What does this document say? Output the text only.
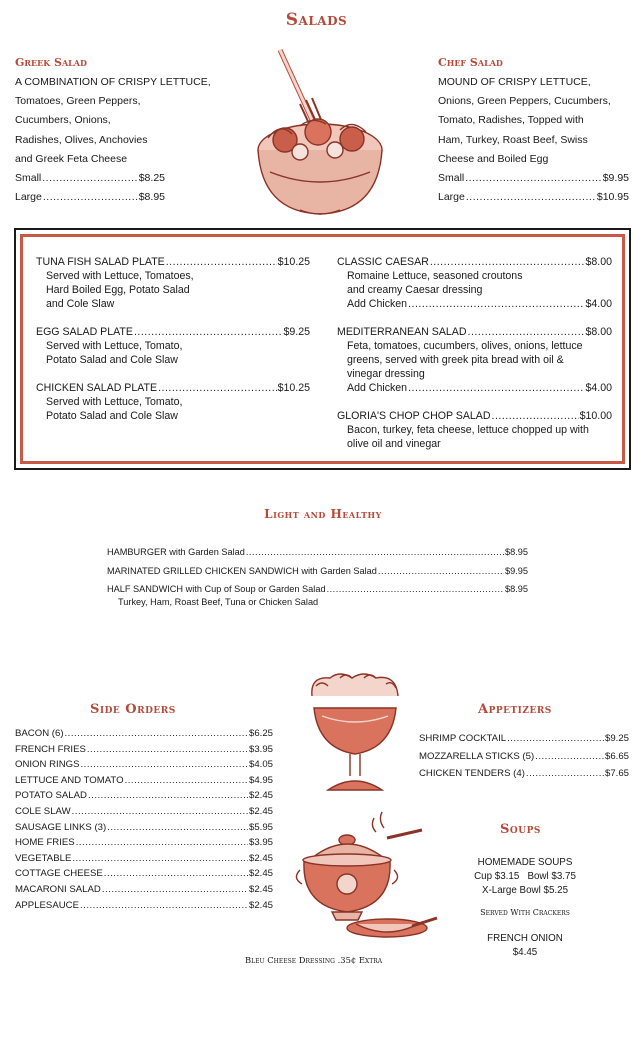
Salads
Greek Salad
A COMBINATION OF CRISPY LETTUCE,
Tomatoes, Green Peppers,
Cucumbers, Onions,
Radishes, Olives, Anchovies
and Greek Feta Cheese
Small .....	$8.25
Large .....	$8.95
Chef Salad
MOUND OF CRISPY LETTUCE,
Onions, Green Peppers, Cucumbers,
Tomato, Radishes, Topped with
Ham, Turkey, Roast Beef, Swiss
Cheese and Boiled Egg
Small .....	$9.95
Large .....	$10.95
TUNA FISH SALAD PLATE .....	$10.25
Served with Lettuce, Tomatoes,
Hard Boiled Egg, Potato Salad
and Cole Slaw
EGG SALAD PLATE .....	$9.25
Served with Lettuce, Tomato,
Potato Salad and Cole Slaw
CHICKEN SALAD PLATE .....	$10.25
Served with Lettuce, Tomato,
Potato Salad and Cole Slaw
CLASSIC CAESAR .....	$8.00
Romaine Lettuce, seasoned croutons
and creamy Caesar dressing
Add Chicken .....	$4.00
MEDITERRANEAN SALAD .....	$8.00
Feta, tomatoes, cucumbers, olives, onions, lettuce
greens, served with greek pita bread with oil &
vinegar dressing
Add Chicken .....	$4.00
GLORIA'S CHOP CHOP SALAD .....	$10.00
Bacon, turkey, feta cheese, lettuce chopped up with
olive oil and vinegar
Light and Healthy
HAMBURGER with Garden Salad .....	$8.95
MARINATED GRILLED CHICKEN SANDWICH with Garden Salad .....	$9.95
HALF SANDWICH with Cup of Soup or Garden Salad .....	$8.95
Turkey, Ham, Roast Beef, Tuna or Chicken Salad
Side Orders
BACON (6) .....	$6.25
FRENCH FRIES .....	$3.95
ONION RINGS .....	$4.05
LETTUCE AND TOMATO .....	$4.95
POTATO SALAD .....	$2.45
COLE SLAW .....	$2.45
SAUSAGE LINKS (3) .....	$5.95
HOME FRIES .....	$3.95
VEGETABLE .....	$2.45
COTTAGE CHEESE .....	$2.45
MACARONI SALAD .....	$2.45
APPLESAUCE .....	$2.45
Appetizers
SHRIMP COCKTAIL .....	$9.25
MOZZARELLA STICKS (5) .....	$6.65
CHICKEN TENDERS (4) .....	$7.65
Soups
HOMEMADE SOUPS
Cup $3.15   Bowl $3.75
X-Large Bowl $5.25
Served With Crackers
FRENCH ONION
$4.45
Bleu Cheese Dressing .35¢ Extra
